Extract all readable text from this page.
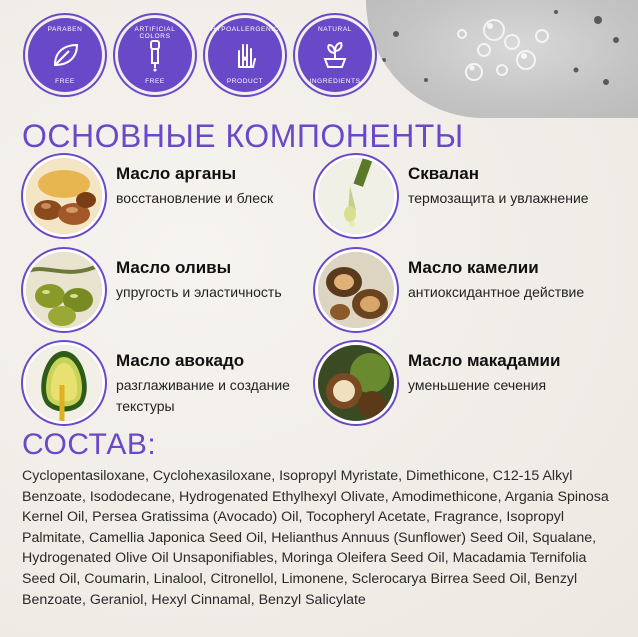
PARABEN
FREE
ARTIFICIAL COLORS
FREE
HYPOALLERGENIC
PRODUCT
NATURAL
INGREDIENTS
ОСНОВНЫЕ КОМПОНЕНТЫ
Масло арганы
восстановление и блеск
Сквалан
термозащита и увлажнение
Масло оливы
упругость и эластичность
Масло камелии
антиоксидантное действие
Масло авокадо
разглаживание и создание текстуры
Масло макадамии
уменьшение сечения
СОСТАВ:
Cyclopentasiloxane, Cyclohexasiloxane, Isopropyl Myristate, Dimethicone, C12-15 Alkyl Benzoate, Isododecane, Hydrogenated Ethylhexyl Olivate, Amodimethicone, Argania Spinosa Kernel Oil, Persea Gratissima (Avocado) Oil, Tocopheryl Acetate, Fragrance, Isopropyl Palmitate, Camellia Japonica Seed Oil, Helianthus Annuus (Sunflower) Seed Oil, Squalane, Hydrogenated Olive Oil Unsaponifiables, Moringa Oleifera Seed Oil, Macadamia Ternifolia Seed Oil, Coumarin, Linalool, Citronellol, Limonene, Sclerocarya Birrea Seed Oil, Benzyl Benzoate, Geraniol, Hexyl Cinnamal, Benzyl Salicylate
